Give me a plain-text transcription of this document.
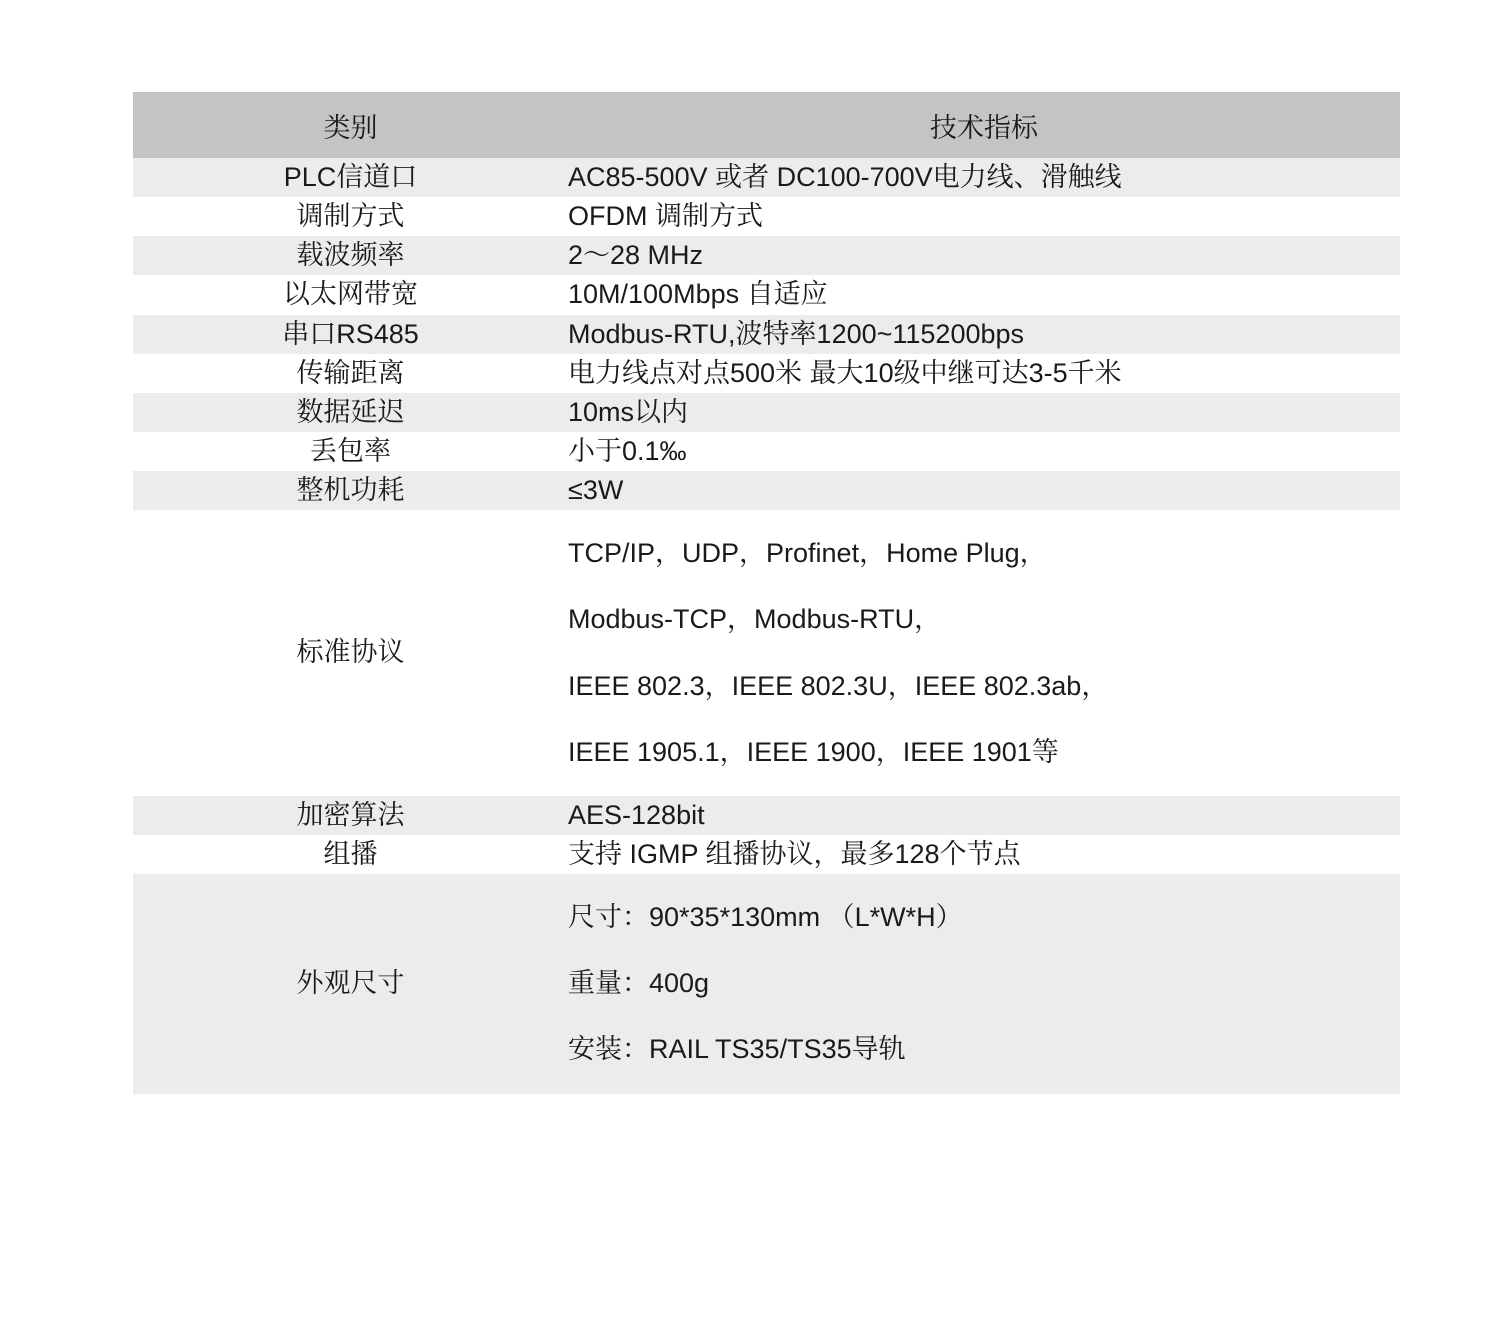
类别	技术指标
PLC信道口	AC85-500V 或者 DC100-700V电力线、滑触线

调制方式	OFDM 调制方式

载波频率	2～28 MHz

以太网带宽	10M/100Mbps 自适应

串口RS485	Modbus-RTU,波特率1200~115200bps

传输距离	电力线点对点500米 最大10级中继可达3-5千米

数据延迟	10ms以内

丢包率	小于0.1‰

整机功耗	≤3W

标准协议	TCP/IP，UDP，Profinet，Home Plug，
Modbus-TCP，Modbus-RTU，
IEEE 802.3，IEEE 802.3U，IEEE 802.3ab，
IEEE 1905.1，IEEE 1900，IEEE 1901等

加密算法	AES-128bit

组播	支持 IGMP 组播协议，最多128个节点

外观尺寸	尺寸：90*35*130mm （L*W*H）
重量：400g
安装：RAIL TS35/TS35导轨
